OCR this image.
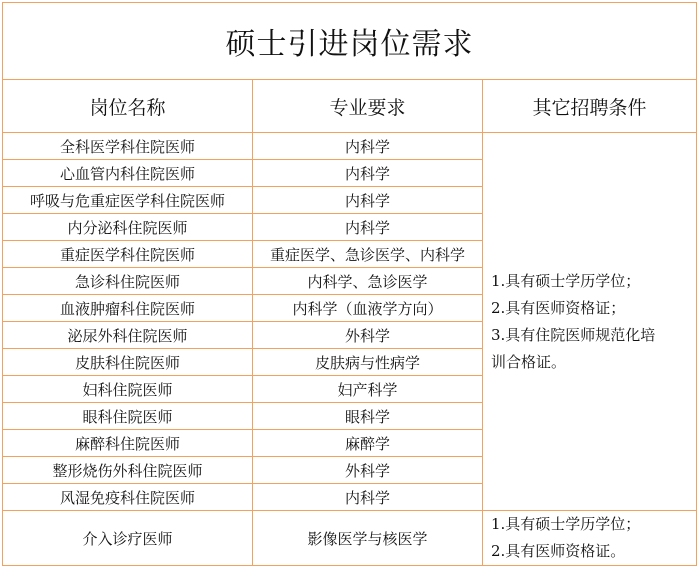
硕士引进岗位需求		
岗位名称	专业要求	其它招聘条件
全科医学科住院医师	内科学	1.具有硕士学历学位；
2.具有医师资格证；
3.具有住院医师规范化培
训合格证。

心血管内科住院医师	内科学	
呼吸与危重症医学科住院医师	内科学	
内分泌科住院医师	内科学	
重症医学科住院医师	重症医学、急诊医学、内科学	
急诊科住院医师	内科学、急诊医学	
血液肿瘤科住院医师	内科学（血液学方向）	
泌尿外科住院医师	外科学	
皮肤科住院医师	皮肤病与性病学	
妇科住院医师	妇产科学	
眼科住院医师	眼科学	
麻醉科住院医师	麻醉学	
整形烧伤外科住院医师	外科学	
风湿免疫科住院医师	内科学	
介入诊疗医师	影像医学与核医学	1.具有硕士学历学位；
2.具有医师资格证。
